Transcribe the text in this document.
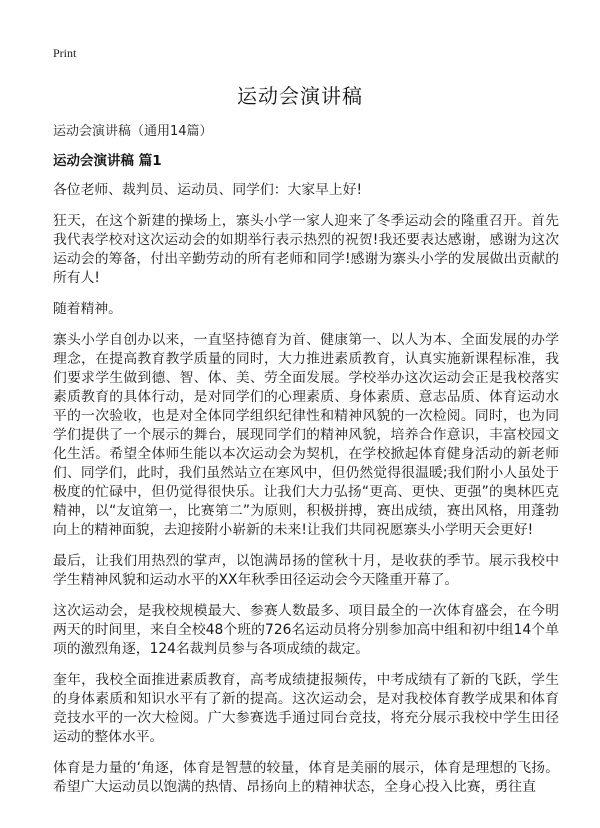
Print
运动会演讲稿

运动会演讲稿（通用14篇）

运动会演讲稿 篇1

各位老师、裁判员、运动员、同学们：大家早上好!

狂天，在这个新建的操场上，寨头小学一家人迎来了冬季运动会的隆重召开。首先我代表学校对这次运动会的如期举行表示热烈的祝贺!我还要表达感谢，感谢为这次运动会的筹备，付出辛勤劳动的所有老师和同学!感谢为寨头小学的发展做出贡献的所有人!

随着精神。

寨头小学自创办以来，一直坚持德育为首、健康第一、以人为本、全面发展的办学理念，在提高教育教学质量的同时，大力推进素质教育，认真实施新课程标准，我们要求学生做到德、智、体、美、劳全面发展。学校举办这次运动会正是我校落实素质教育的具体行动，是对同学们的心理素质、身体素质、意志品质、体育运动水平的一次验收，也是对全体同学组织纪律性和精神风貌的一次检阅。同时，也为同学们提供了一个展示的舞台，展现同学们的精神风貌，培养合作意识，丰富校园文化生活。希望全体师生能以本次运动会为契机，在学校掀起体育健身活动的新老师们、同学们，此时，我们虽然站立在寒风中，但仍然觉得很温暖;我们附小人虽处于极度的忙碌中，但仍觉得很快乐。让我们大力弘扬“更高、更快、更强”的奥林匹克精神，以“友谊第一，比赛第二”为原则，积极拼搏，赛出成绩，赛出风格，用蓬勃向上的精神面貌，去迎接附小崭新的未来!让我们共同祝愿寨头小学明天会更好!

最后，让我们用热烈的掌声，以饱满昂扬的筐秋十月，是收获的季节。展示我校中学生精神风貌和运动水平的XX年秋季田径运动会今天隆重开幕了。

这次运动会，是我校规模最大、参赛人数最多、项目最全的一次体育盛会，在今明两天的时间里，来自全校48个班的726名运动员将分别参加高中组和初中组14个单项的激烈角逐，124名裁判员参与各项成绩的裁定。

奎年，我校全面推进素质教育，高考成绩捷报频传，中考成绩有了新的飞跃，学生的身体素质和知识水平有了新的提高。这次运动会，是对我校体育教学成果和体育竞技水平的一次大检阅。广大参赛选手通过同台竞技，将充分展示我校中学生田径运动的整体水平。

体育是力量的‘角逐，体育是智慧的较量，体育是美丽的展示，体育是理想的飞扬。希望广大运动员以饱满的热情、昂扬向上的精神状态，全身心投入比赛，勇往直
